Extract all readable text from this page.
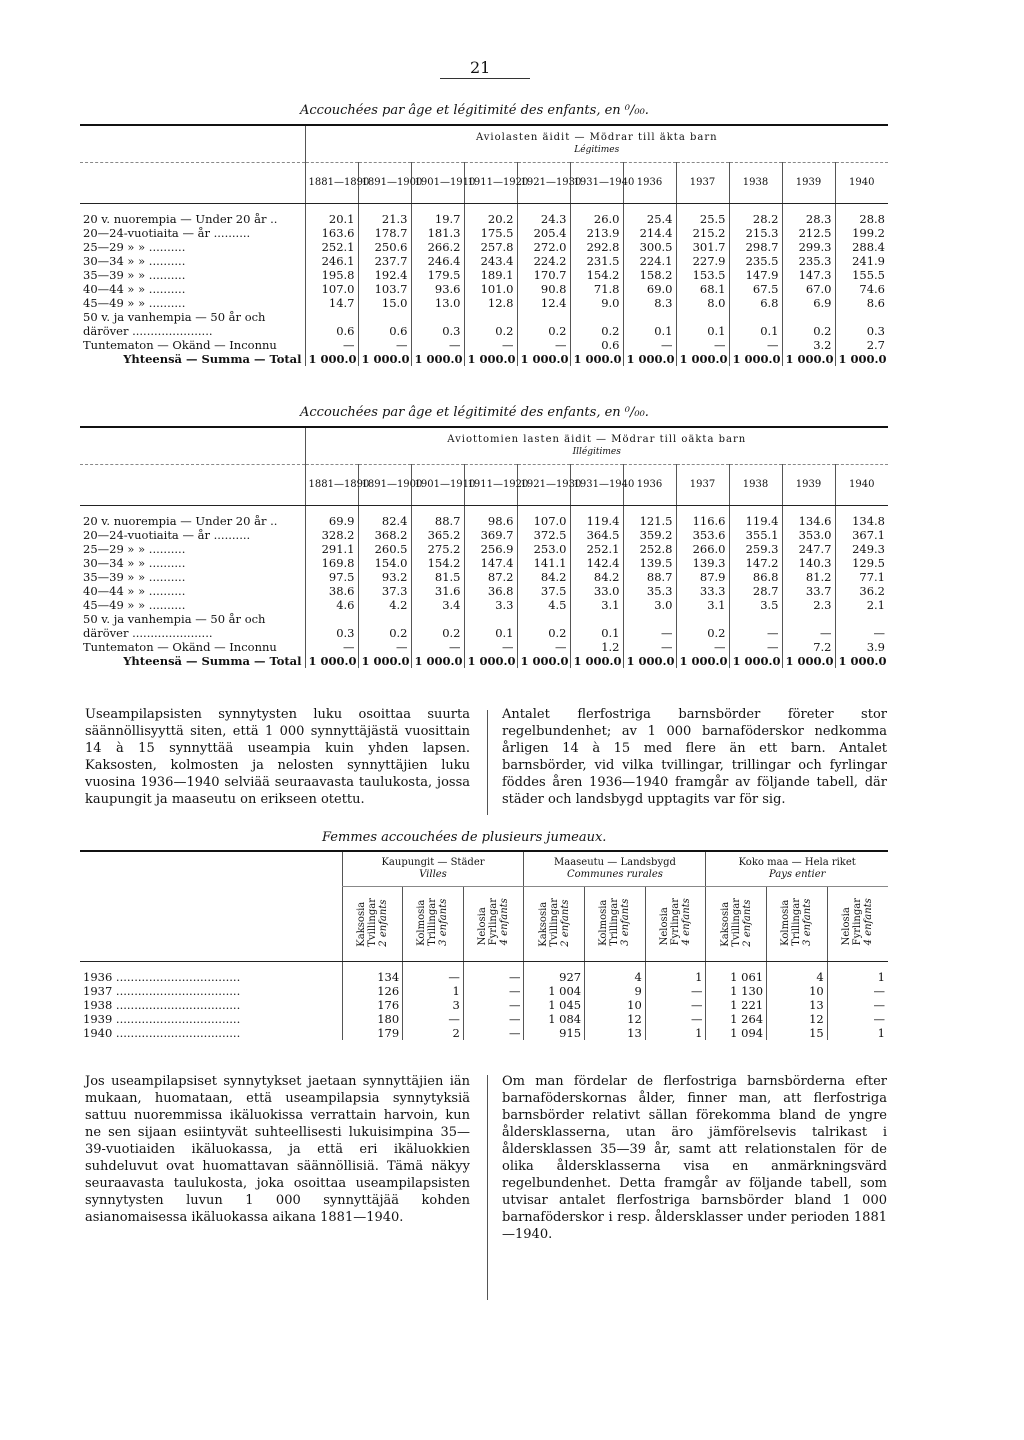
21
Accouchées par âge et légitimité des enfants, en ⁰/₀₀.
	Aviolasten äidit — Mödrar till äkta barn
Légitimes										

	1881—1890	1891—1900	1901—1910	1911—1920	1921—1930	1931—1940	1936	1937	1938	1939	1940
20 v. nuorempia — Under 20 år ..	20.1	21.3	19.7	20.2	24.3	26.0	25.4	25.5	28.2	28.3	28.8
20—24-vuotiaita — år ..........	163.6	178.7	181.3	175.5	205.4	213.9	214.4	215.2	215.3	212.5	199.2
25—29 » » ..........	252.1	250.6	266.2	257.8	272.0	292.8	300.5	301.7	298.7	299.3	288.4
30—34 » » ..........	246.1	237.7	246.4	243.4	224.2	231.5	224.1	227.9	235.5	235.3	241.9
35—39 » » ..........	195.8	192.4	179.5	189.1	170.7	154.2	158.2	153.5	147.9	147.3	155.5
40—44 » » ..........	107.0	103.7	93.6	101.0	90.8	71.8	69.0	68.1	67.5	67.0	74.6
45—49 » » ..........	14.7	15.0	13.0	12.8	12.4	9.0	8.3	8.0	6.8	6.9	8.6
50 v. ja vanhempia — 50 år och											
däröver ......................	0.6	0.6	0.3	0.2	0.2	0.2	0.1	0.1	0.1	0.2	0.3
Tuntematon — Okänd — Inconnu	—	—	—	—	—	0.6	—	—	—	3.2	2.7
Yhteensä — Summa — Total	1 000.0	1 000.0	1 000.0	1 000.0	1 000.0	1 000.0	1 000.0	1 000.0	1 000.0	1 000.0	1 000.0
Accouchées par âge et légitimité des enfants, en ⁰/₀₀.
	Aviottomien lasten äidit — Mödrar till oäkta barn
Illégitimes										

	1881—1890	1891—1900	1901—1910	1911—1920	1921—1930	1931—1940	1936	1937	1938	1939	1940
20 v. nuorempia — Under 20 år ..	69.9	82.4	88.7	98.6	107.0	119.4	121.5	116.6	119.4	134.6	134.8
20—24-vuotiaita — år ..........	328.2	368.2	365.2	369.7	372.5	364.5	359.2	353.6	355.1	353.0	367.1
25—29 » » ..........	291.1	260.5	275.2	256.9	253.0	252.1	252.8	266.0	259.3	247.7	249.3
30—34 » » ..........	169.8	154.0	154.2	147.4	141.1	142.4	139.5	139.3	147.2	140.3	129.5
35—39 » » ..........	97.5	93.2	81.5	87.2	84.2	84.2	88.7	87.9	86.8	81.2	77.1
40—44 » » ..........	38.6	37.3	31.6	36.8	37.5	33.0	35.3	33.3	28.7	33.7	36.2
45—49 » » ..........	4.6	4.2	3.4	3.3	4.5	3.1	3.0	3.1	3.5	2.3	2.1
50 v. ja vanhempia — 50 år och											
däröver ......................	0.3	0.2	0.2	0.1	0.2	0.1	—	0.2	—	—	—
Tuntematon — Okänd — Inconnu	—	—	—	—	—	1.2	—	—	—	7.2	3.9
Yhteensä — Summa — Total	1 000.0	1 000.0	1 000.0	1 000.0	1 000.0	1 000.0	1 000.0	1 000.0	1 000.0	1 000.0	1 000.0
Useampilapsisten synnytysten luku osoittaa suurta säännöllisyyttä siten, että 1 000 synnyttäjästä vuosittain 14 à 15 synnyttää useampia kuin yhden lapsen. Kaksosten, kolmosten ja nelosten synnyttäjien luku vuosina 1936—1940 selviää seuraavasta taulukosta, jossa kaupungit ja maaseutu on erikseen otettu.
Antalet flerfostriga barnsbörder företer stor regelbundenhet; av 1 000 barnaföderskor nedkomma årligen 14 à 15 med flere än ett barn. Antalet barnsbörder, vid vilka tvillingar, trillingar och fyrlingar föddes åren 1936—1940 framgår av följande tabell, där städer och landsbygd upptagits var för sig.
Femmes accouchées de plusieurs jumeaux.
	Kaupungit — Städer
Villes			Maaseutu — Landsbygd
Communes rurales			Koko maa — Hela riket
Pays entier		

	Kaksosia
Tvillingar
2 enfants	Kolmosia
Trillingar
3 enfants	Nelosia
Fyrlingar
4 enfants	Kaksosia
Tvillingar
2 enfants	Kolmosia
Trillingar
3 enfants	Nelosia
Fyrlingar
4 enfants	Kaksosia
Tvillingar
2 enfants	Kolmosia
Trillingar
3 enfants	Nelosia
Fyrlingar
4 enfants
1936 ..................................	134	—	—	927	4	1	1 061	4	1
1937 ..................................	126	1	—	1 004	9	—	1 130	10	—
1938 ..................................	176	3	—	1 045	10	—	1 221	13	—
1939 ..................................	180	—	—	1 084	12	—	1 264	12	—
1940 ..................................	179	2	—	915	13	1	1 094	15	1
Jos useampilapsiset synnytykset jaetaan synnyttäjien iän mukaan, huomataan, että useampilapsia synnytyksiä sattuu nuoremmissa ikäluokissa verrattain harvoin, kun ne sen sijaan esiintyvät suhteellisesti lukuisimpina 35—39-vuotiaiden ikäluokassa, ja että eri ikäluokkien suhdeluvut ovat huomattavan säännöllisiä. Tämä näkyy seuraavasta taulukosta, joka osoittaa useampilapsisten synnytysten luvun 1 000 synnyttäjää kohden asianomaisessa ikäluokassa aikana 1881—1940.
Om man fördelar de flerfostriga barnsbörderna efter barnaföderskornas ålder, finner man, att flerfostriga barnsbörder relativt sällan förekomma bland de yngre åldersklasserna, utan äro jämförelsevis talrikast i åldersklassen 35—39 år, samt att relationstalen för de olika åldersklasserna visa en anmärkningsvärd regelbundenhet. Detta framgår av följande tabell, som utvisar antalet flerfostriga barnsbörder bland 1 000 barnaföderskor i resp. åldersklasser under perioden 1881—1940.
